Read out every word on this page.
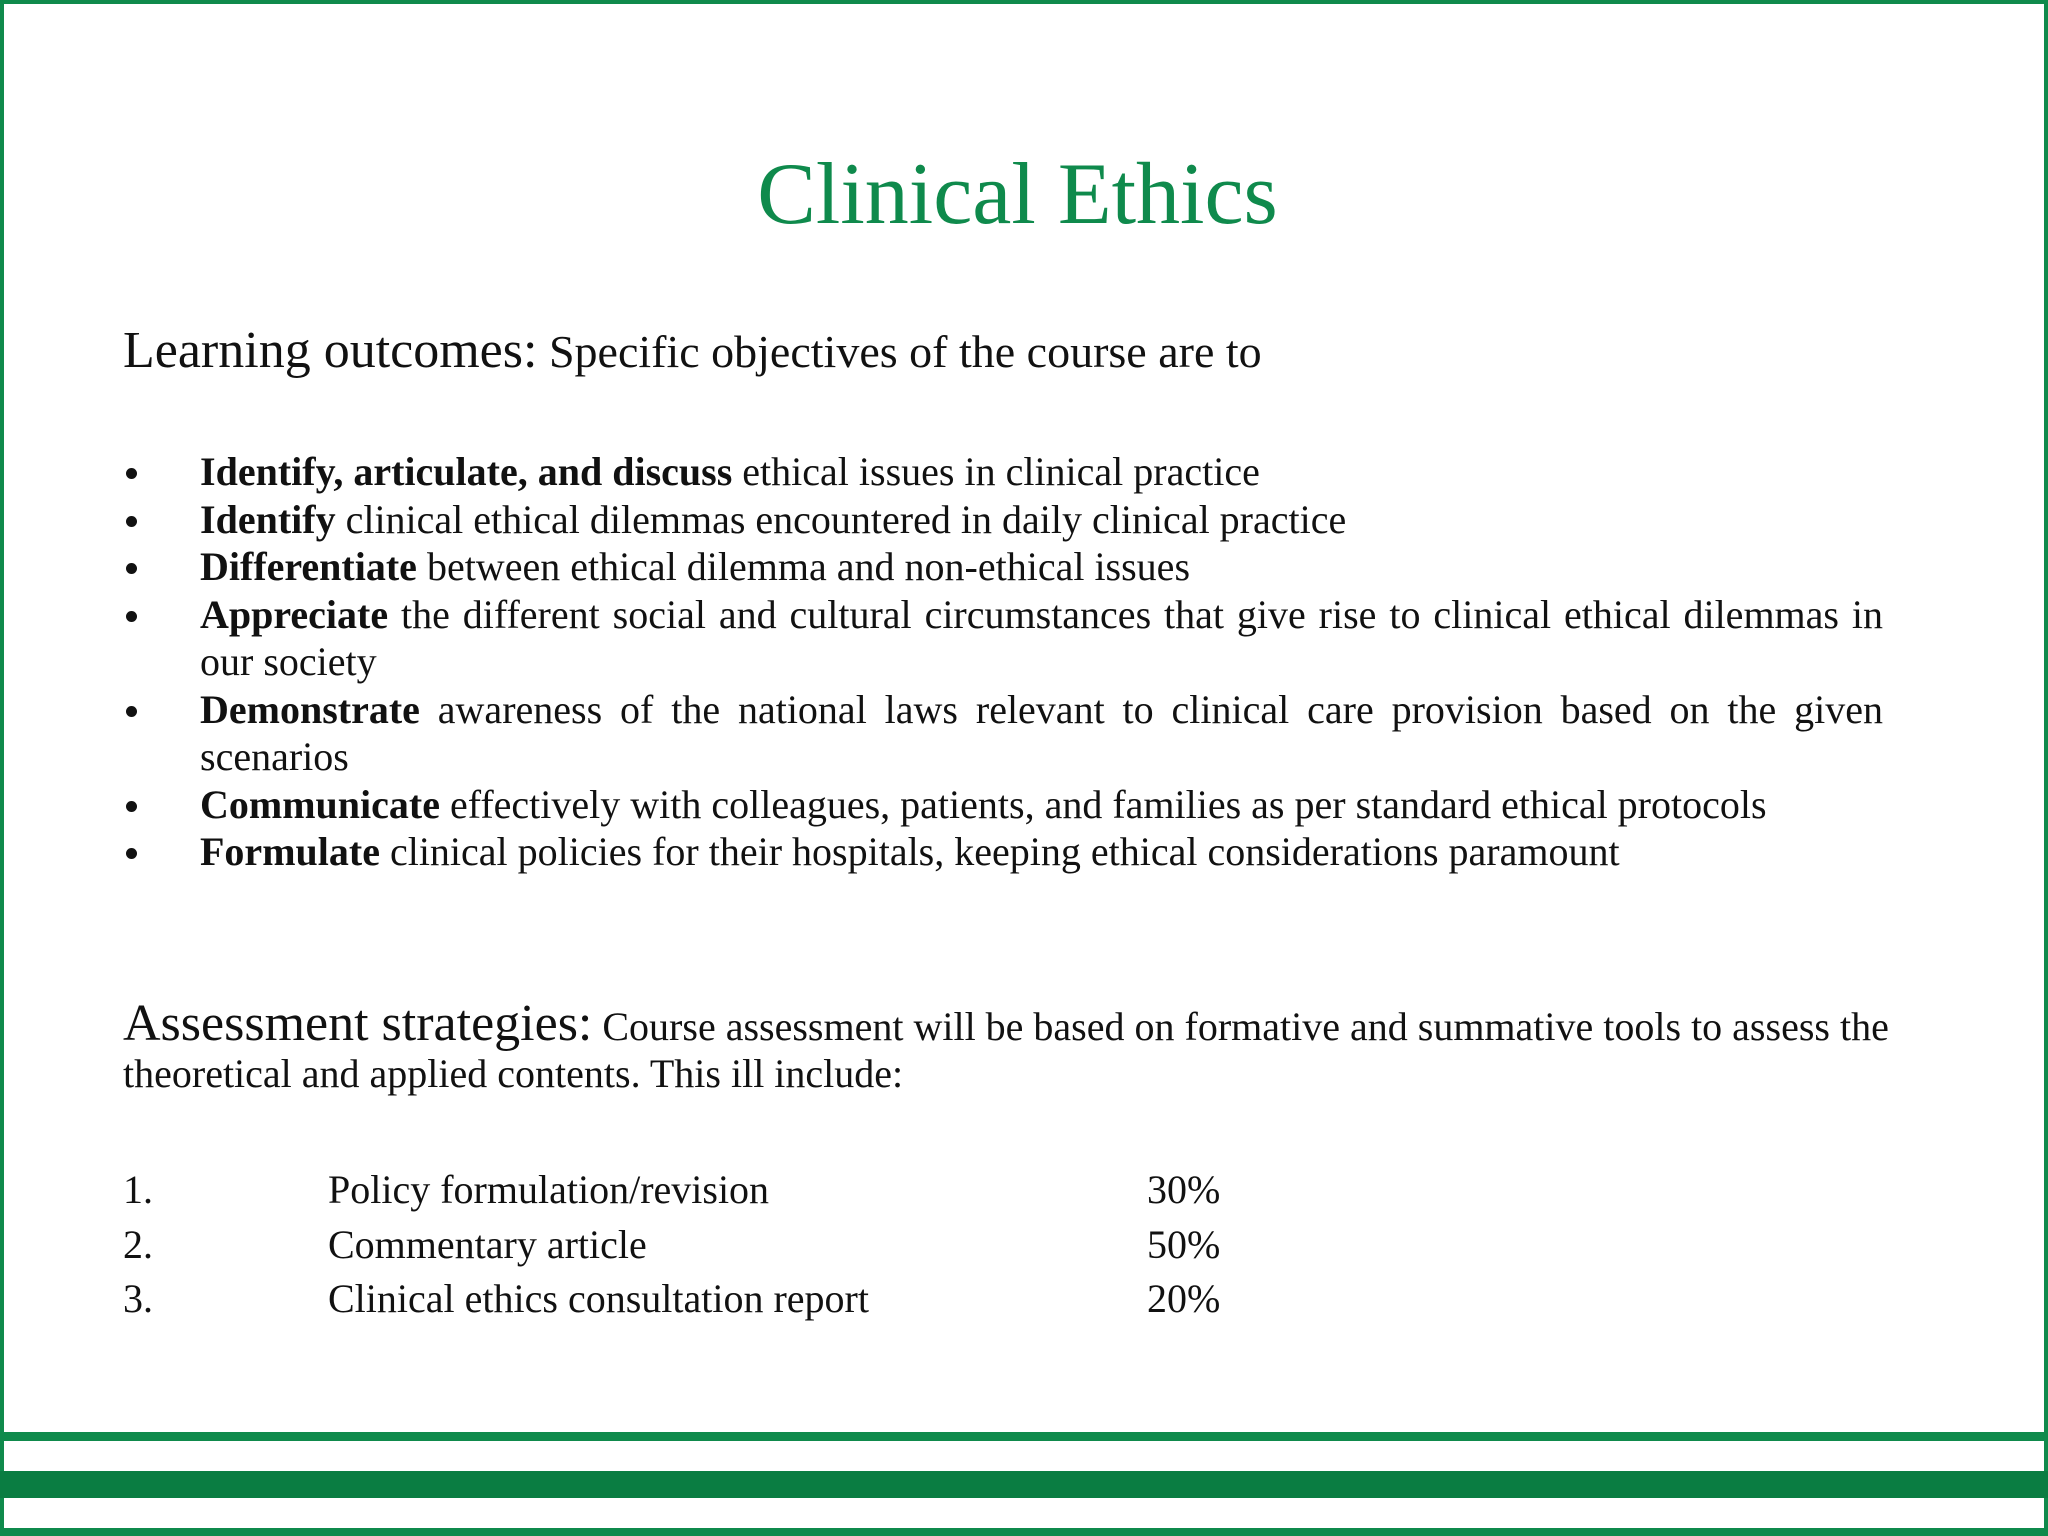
Clinical Ethics

Learning outcomes: Specific objectives of the course are to

Identify, articulate, and discuss ethical issues in clinical practice
Identify clinical ethical dilemmas encountered in daily clinical practice
Differentiate between ethical dilemma and non-ethical issues
Appreciate the different social and cultural circumstances that give rise to clinical ethical dilemmas in our society
Demonstrate awareness of the national laws relevant to clinical care provision based on the given scenarios
Communicate effectively with colleagues, patients, and families as per standard ethical protocols
Formulate clinical policies for their hospitals, keeping ethical considerations paramount

Assessment strategies: Course assessment will be based on formative and summative tools to assess the theoretical and applied contents. This ill include:

1.	Policy formulation/revision	30%
2.	Commentary article	50%
3.	Clinical ethics consultation report	20%
